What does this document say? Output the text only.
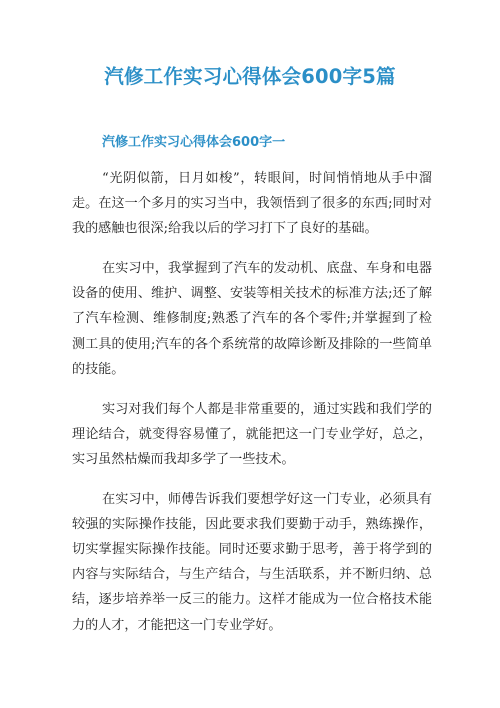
汽修工作实习心得体会600字5篇
汽修工作实习心得体会600字一

“光阴似箭，日月如梭”，转眼间，时间悄悄地从手中溜走。在这一个多月的实习当中，我领悟到了很多的东西;同时对我的感触也很深;给我以后的学习打下了良好的基础。

在实习中，我掌握到了汽车的发动机、底盘、车身和电器设备的使用、维护、调整、安装等相关技术的标准方法;还了解了汽车检测、维修制度;熟悉了汽车的各个零件;并掌握到了检测工具的使用;汽车的各个系统常的故障诊断及排除的一些简单的技能。

实习对我们每个人都是非常重要的，通过实践和我们学的理论结合，就变得容易懂了，就能把这一门专业学好，总之，实习虽然枯燥而我却多学了一些技术。

在实习中，师傅告诉我们要想学好这一门专业，必须具有较强的实际操作技能，因此要求我们要勤于动手，熟练操作，切实掌握实际操作技能。同时还要求勤于思考，善于将学到的内容与实际结合，与生产结合，与生活联系，并不断归纳、总结，逐步培养举一反三的能力。这样才能成为一位合格技术能力的人才，才能把这一门专业学好。
